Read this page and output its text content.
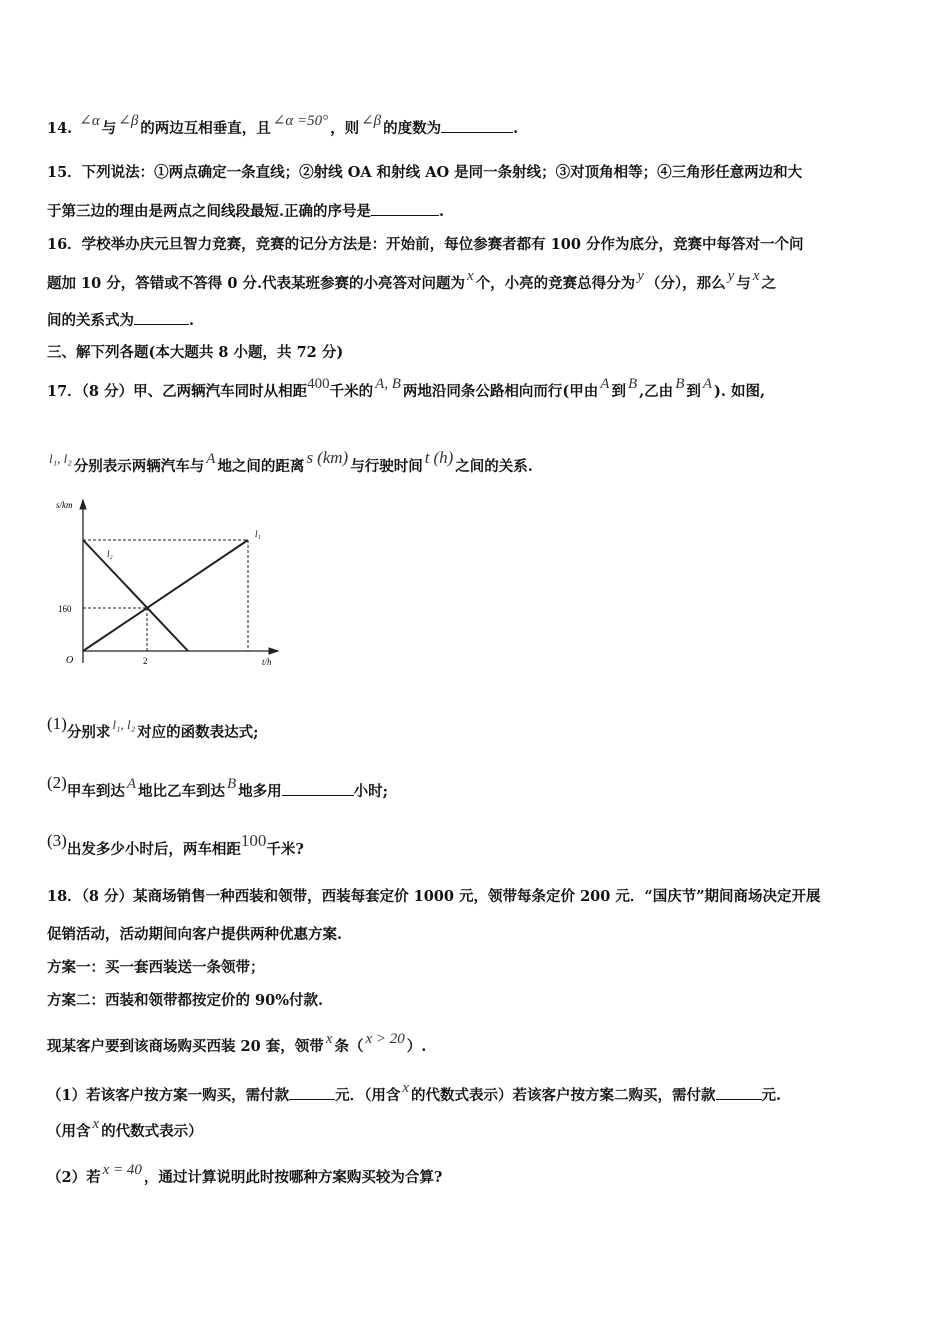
14. ∠α 与 ∠β 的两边互相垂直，且 ∠α =50° ，则 ∠β 的度数为	.
15．下列说法：①两点确定一条直线；②射线 OA 和射线 AO 是同一条射线；③对顶角相等；④三角形任意两边和大
于第三边的理由是两点之间线段最短.正确的序号是	.
16．学校举办庆元旦智力竞赛，竞赛的记分方法是：开始前，每位参赛者都有 100 分作为底分，竞赛中每答对一个问
题加 10 分，答错或不答得 0 分.代表某班参赛的小亮答对问题为 x 个，小亮的竞赛总得分为 y （分），那么 y 与 x 之
间的关系式为	.
三、解下列各题(本大题共 8 小题，共 72 分)
17．（8 分）甲、乙两辆汽车同时从相距400千米的 A, B 两地沿同条公路相向而行(甲由 A 到 B ,乙由 B 到 A ). 如图,
l₁, l₂ 分别表示两辆汽车与 A 地之间的距离 s (km) 与行驶时间 t (h) 之间的关系.
s/km
t/h
O
160
2
l₁
l₂
(1)分别求 l₁, l₂ 对应的函数表达式;
(2)甲车到达 A 地比乙车到达 B 地多用	小时;
(3)出发多少小时后，两车相距100千米?
18．（8 分）某商场销售一种西装和领带，西装每套定价 1000 元，领带每条定价 200 元．“国庆节”期间商场决定开展
促销活动，活动期间向客户提供两种优惠方案.
方案一：买一套西装送一条领带；
方案二：西装和领带都按定价的 90%付款.
现某客户要到该商场购买西装 20 套，领带 x 条（ x > 20 ）.
（1）若该客户按方案一购买，需付款	元．（用含 x 的代数式表示）若该客户按方案二购买，需付款	元.
（用含 x 的代数式表示）
（2）若 x = 40 ，通过计算说明此时按哪种方案购买较为合算?
